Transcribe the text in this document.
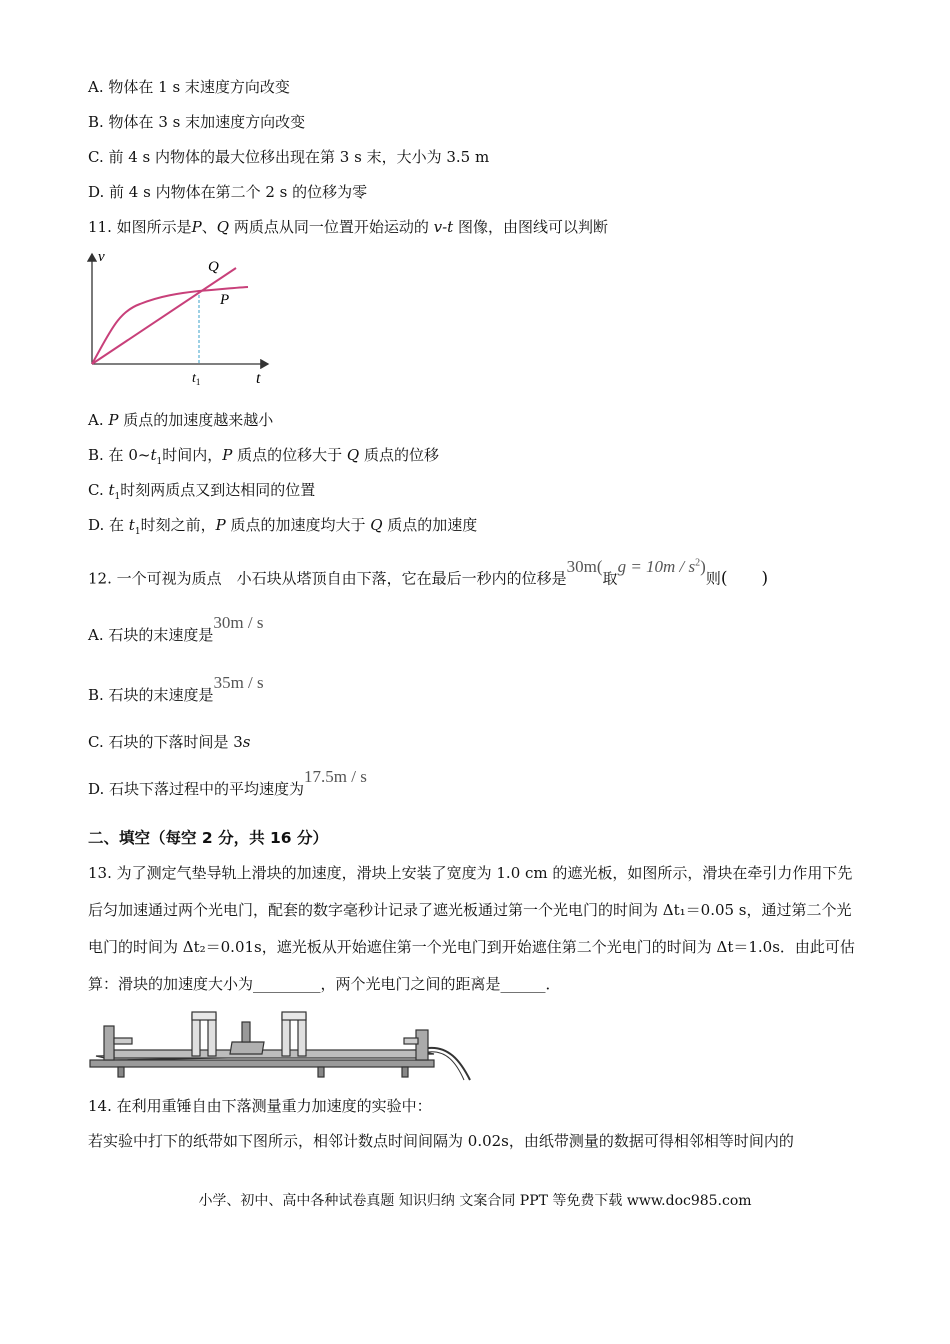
A. 物体在 1 s 末速度方向改变
B. 物体在 3 s 末加速度方向改变
C. 前 4 s 内物体的最大位移出现在第 3 s 末，大小为 3.5 m
D. 前 4 s 内物体在第二个 2 s 的位移为零
11. 如图所示是P、Q 两质点从同一位置开始运动的 v-t 图像，由图线可以判断
v
t
$t_1$
Q
P
A. P 质点的加速度越来越小
B. 在 $0\sim t_1$时间内，P 质点的位移大于 Q 质点的位移
C. $t_1$时刻两质点又到达相同的位置
D. 在 $t_1$时刻之前，P 质点的加速度均大于 Q 质点的加速度
12. 一个可视为质点　小石块从塔顶自由下落，它在最后一秒内的位移是30m(取$g = 10m / s^2$)则(　　)
A. 石块的末速度是30m / s
B. 石块的末速度是35m / s
C. 石块的下落时间是 3s
D. 石块下落过程中的平均速度为17.5m / s
二、填空（每空 2 分，共 16 分）
13. 为了测定气垫导轨上滑块的加速度，滑块上安装了宽度为 1.0 cm 的遮光板，如图所示，滑块在牵引力作用下先后匀加速通过两个光电门，配套的数字毫秒计记录了遮光板通过第一个光电门的时间为 Δt₁＝0.05 s，通过第二个光电门的时间为 Δt₂＝0.01s，遮光板从开始遮住第一个光电门到开始遮住第二个光电门的时间为 Δt＝1.0s．由此可估算：滑块的加速度大小为_________，两个光电门之间的距离是______．
14. 在利用重锤自由下落测量重力加速度的实验中：
若实验中打下的纸带如下图所示，相邻计数点时间间隔为 0.02s，由纸带测量的数据可得相邻相等时间内的
小学、初中、高中各种试卷真题 知识归纳 文案合同 PPT 等免费下载 www.doc985.com
